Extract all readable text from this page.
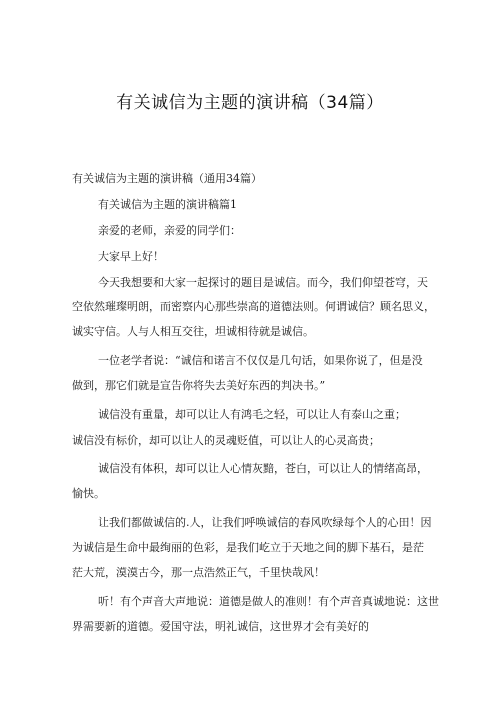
有关诚信为主题的演讲稿（34篇）
有关诚信为主题的演讲稿（通用34篇）
有关诚信为主题的演讲稿篇1
亲爱的老师，亲爱的同学们：
大家早上好！
今天我想要和大家一起探讨的题目是诚信。而今，我们仰望苍穹，天
空依然璀璨明朗，而密察内心那些崇高的道德法则。何谓诚信？顾名思义，
诚实守信。人与人相互交往，坦诚相待就是诚信。
一位老学者说：“诚信和诺言不仅仅是几句话，如果你说了，但是没
做到，那它们就是宣告你将失去美好东西的判决书。”
诚信没有重量，却可以让人有鸿毛之轻，可以让人有泰山之重；
诚信没有标价，却可以让人的灵魂贬值，可以让人的心灵高贵；
诚信没有体积，却可以让人心情灰黯，苍白，可以让人的情绪高昂，
愉快。
让我们都做诚信的.人，让我们呼唤诚信的春风吹绿每个人的心田！因
为诚信是生命中最绚丽的色彩，是我们屹立于天地之间的脚下基石，是茫
茫大荒，漠漠古今，那一点浩然正气，千里快哉风！
听！有个声音大声地说：道德是做人的准则！有个声音真诚地说：这世
界需要新的道德。爱国守法，明礼诚信，这世界才会有美好的
